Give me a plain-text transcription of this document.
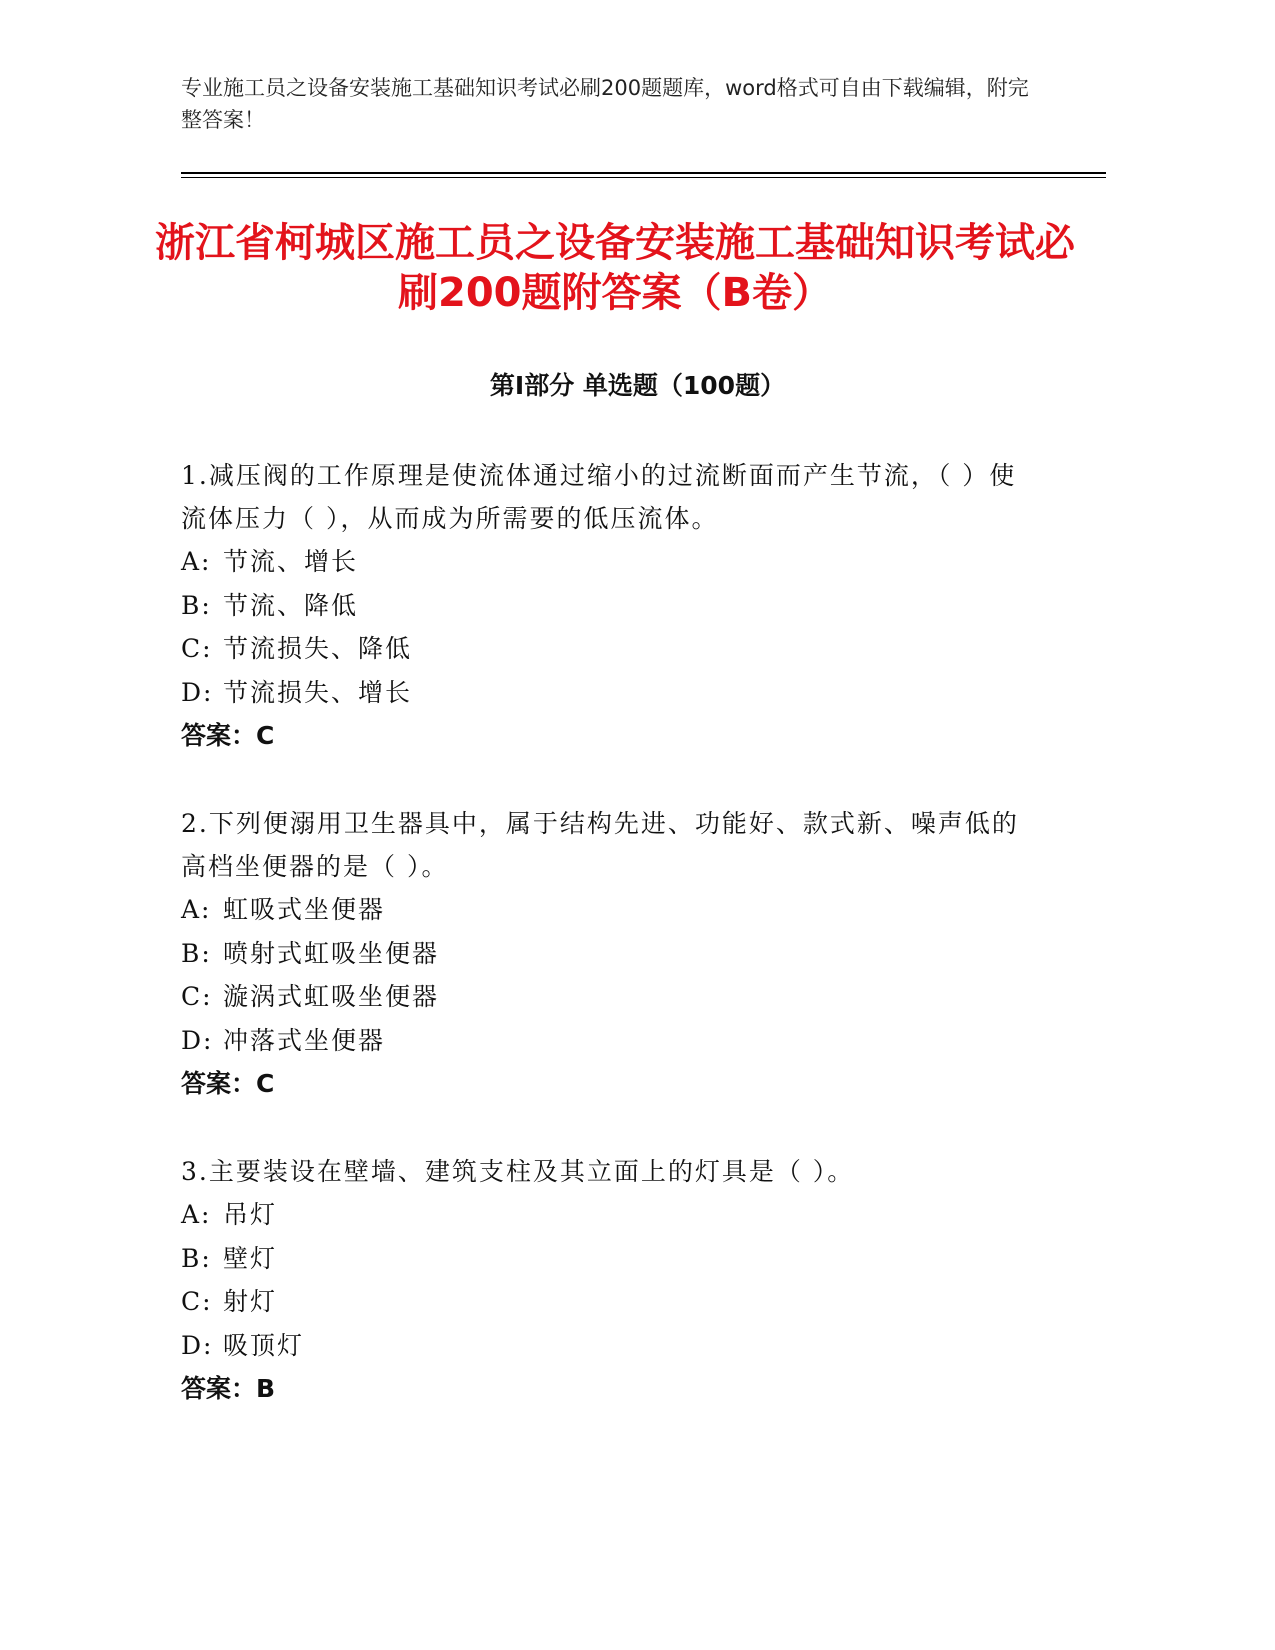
专业施工员之设备安装施工基础知识考试必刷200题题库，word格式可自由下载编辑，附完整答案！
浙江省柯城区施工员之设备安装施工基础知识考试必刷200题附答案（B卷）
第Ⅰ部分 单选题（100题）

1.减压阀的工作原理是使流体通过缩小的过流断面而产生节流，（ ）使流体压力（ ），从而成为所需要的低压流体。

A: 节流、增长
B: 节流、降低
C: 节流损失、降低
D: 节流损失、增长
答案：C

2.下列便溺用卫生器具中，属于结构先进、功能好、款式新、噪声低的高档坐便器的是（ ）。

A: 虹吸式坐便器
B: 喷射式虹吸坐便器
C: 漩涡式虹吸坐便器
D: 冲落式坐便器
答案：C

3.主要装设在壁墙、建筑支柱及其立面上的灯具是（ ）。

A: 吊灯
B: 壁灯
C: 射灯
D: 吸顶灯
答案：B
